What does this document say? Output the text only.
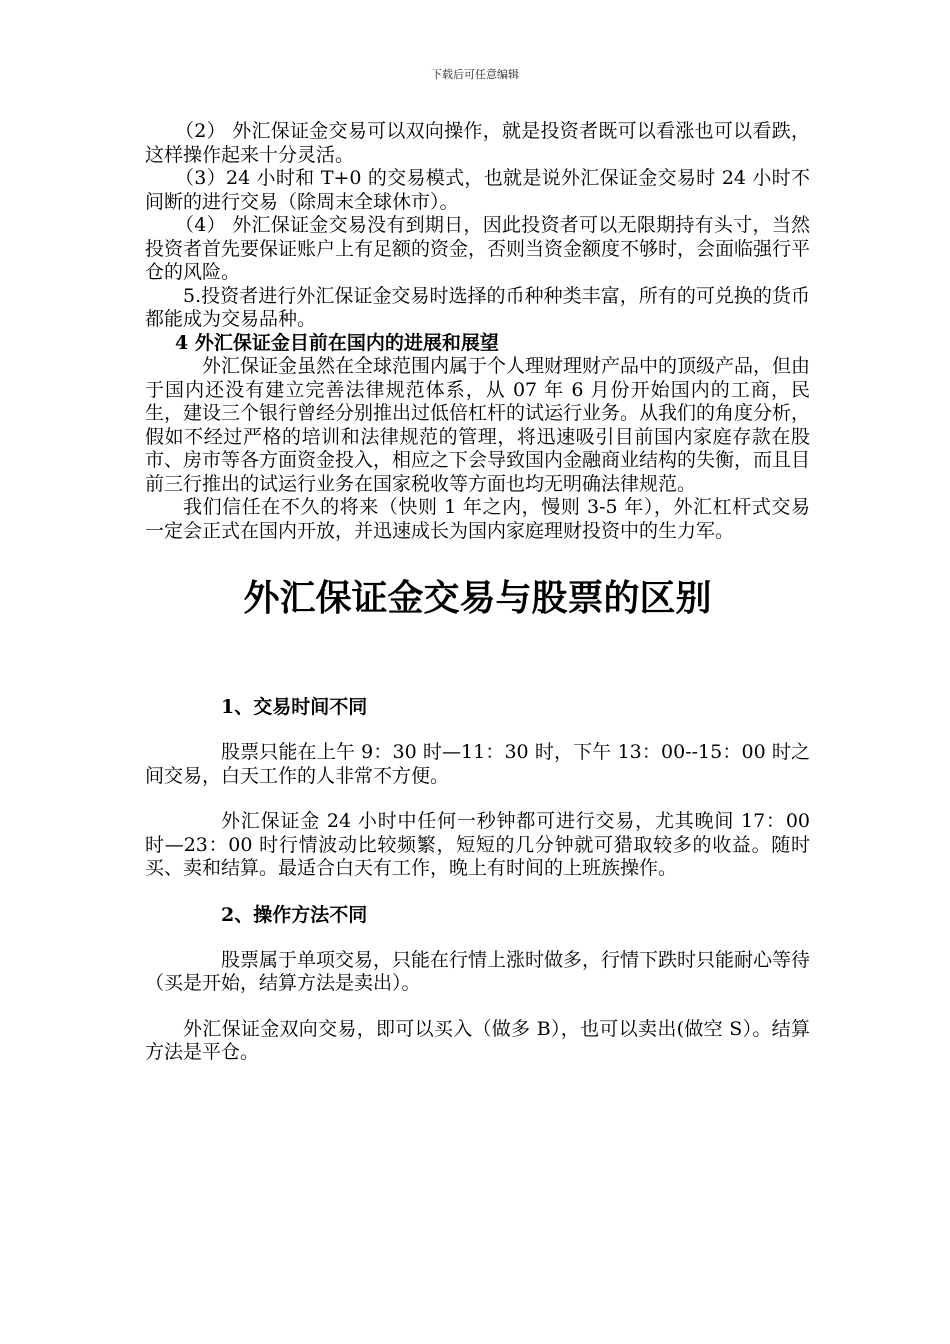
下载后可任意编辑

（2） 外汇保证金交易可以双向操作，就是投资者既可以看涨也可以看跌，这样操作起来十分灵活。

（3）24 小时和 T+0 的交易模式，也就是说外汇保证金交易时 24 小时不间断的进行交易（除周末全球休市）。

（4） 外汇保证金交易没有到期日，因此投资者可以无限期持有头寸，当然投资者首先要保证账户上有足额的资金，否则当资金额度不够时，会面临强行平仓的风险。

5.投资者进行外汇保证金交易时选择的币种种类丰富，所有的可兑换的货币都能成为交易品种。

4 外汇保证金目前在国内的进展和展望

外汇保证金虽然在全球范围内属于个人理财理财产品中的顶级产品，但由于国内还没有建立完善法律规范体系，从 07 年 6 月份开始国内的工商，民生，建设三个银行曾经分别推出过低倍杠杆的试运行业务。从我们的角度分析，假如不经过严格的培训和法律规范的管理，将迅速吸引目前国内家庭存款在股市、房市等各方面资金投入，相应之下会导致国内金融商业结构的失衡，而且目前三行推出的试运行业务在国家税收等方面也均无明确法律规范。

我们信任在不久的将来（快则 1 年之内，慢则 3-5 年），外汇杠杆式交易一定会正式在国内开放，并迅速成长为国内家庭理财投资中的生力军。

外汇保证金交易与股票的区别

1、交易时间不同

股票只能在上午 9：30 时—11：30 时，下午 13：00--15：00 时之间交易，白天工作的人非常不方便。

外汇保证金 24 小时中任何一秒钟都可进行交易，尤其晚间 17：00 时—23：00 时行情波动比较频繁，短短的几分钟就可猎取较多的收益。随时买、卖和结算。最适合白天有工作，晚上有时间的上班族操作。

2、操作方法不同

股票属于单项交易，只能在行情上涨时做多，行情下跌时只能耐心等待（买是开始，结算方法是卖出）。

外汇保证金双向交易，即可以买入（做多 B），也可以卖出(做空 S）。结算方法是平仓。
